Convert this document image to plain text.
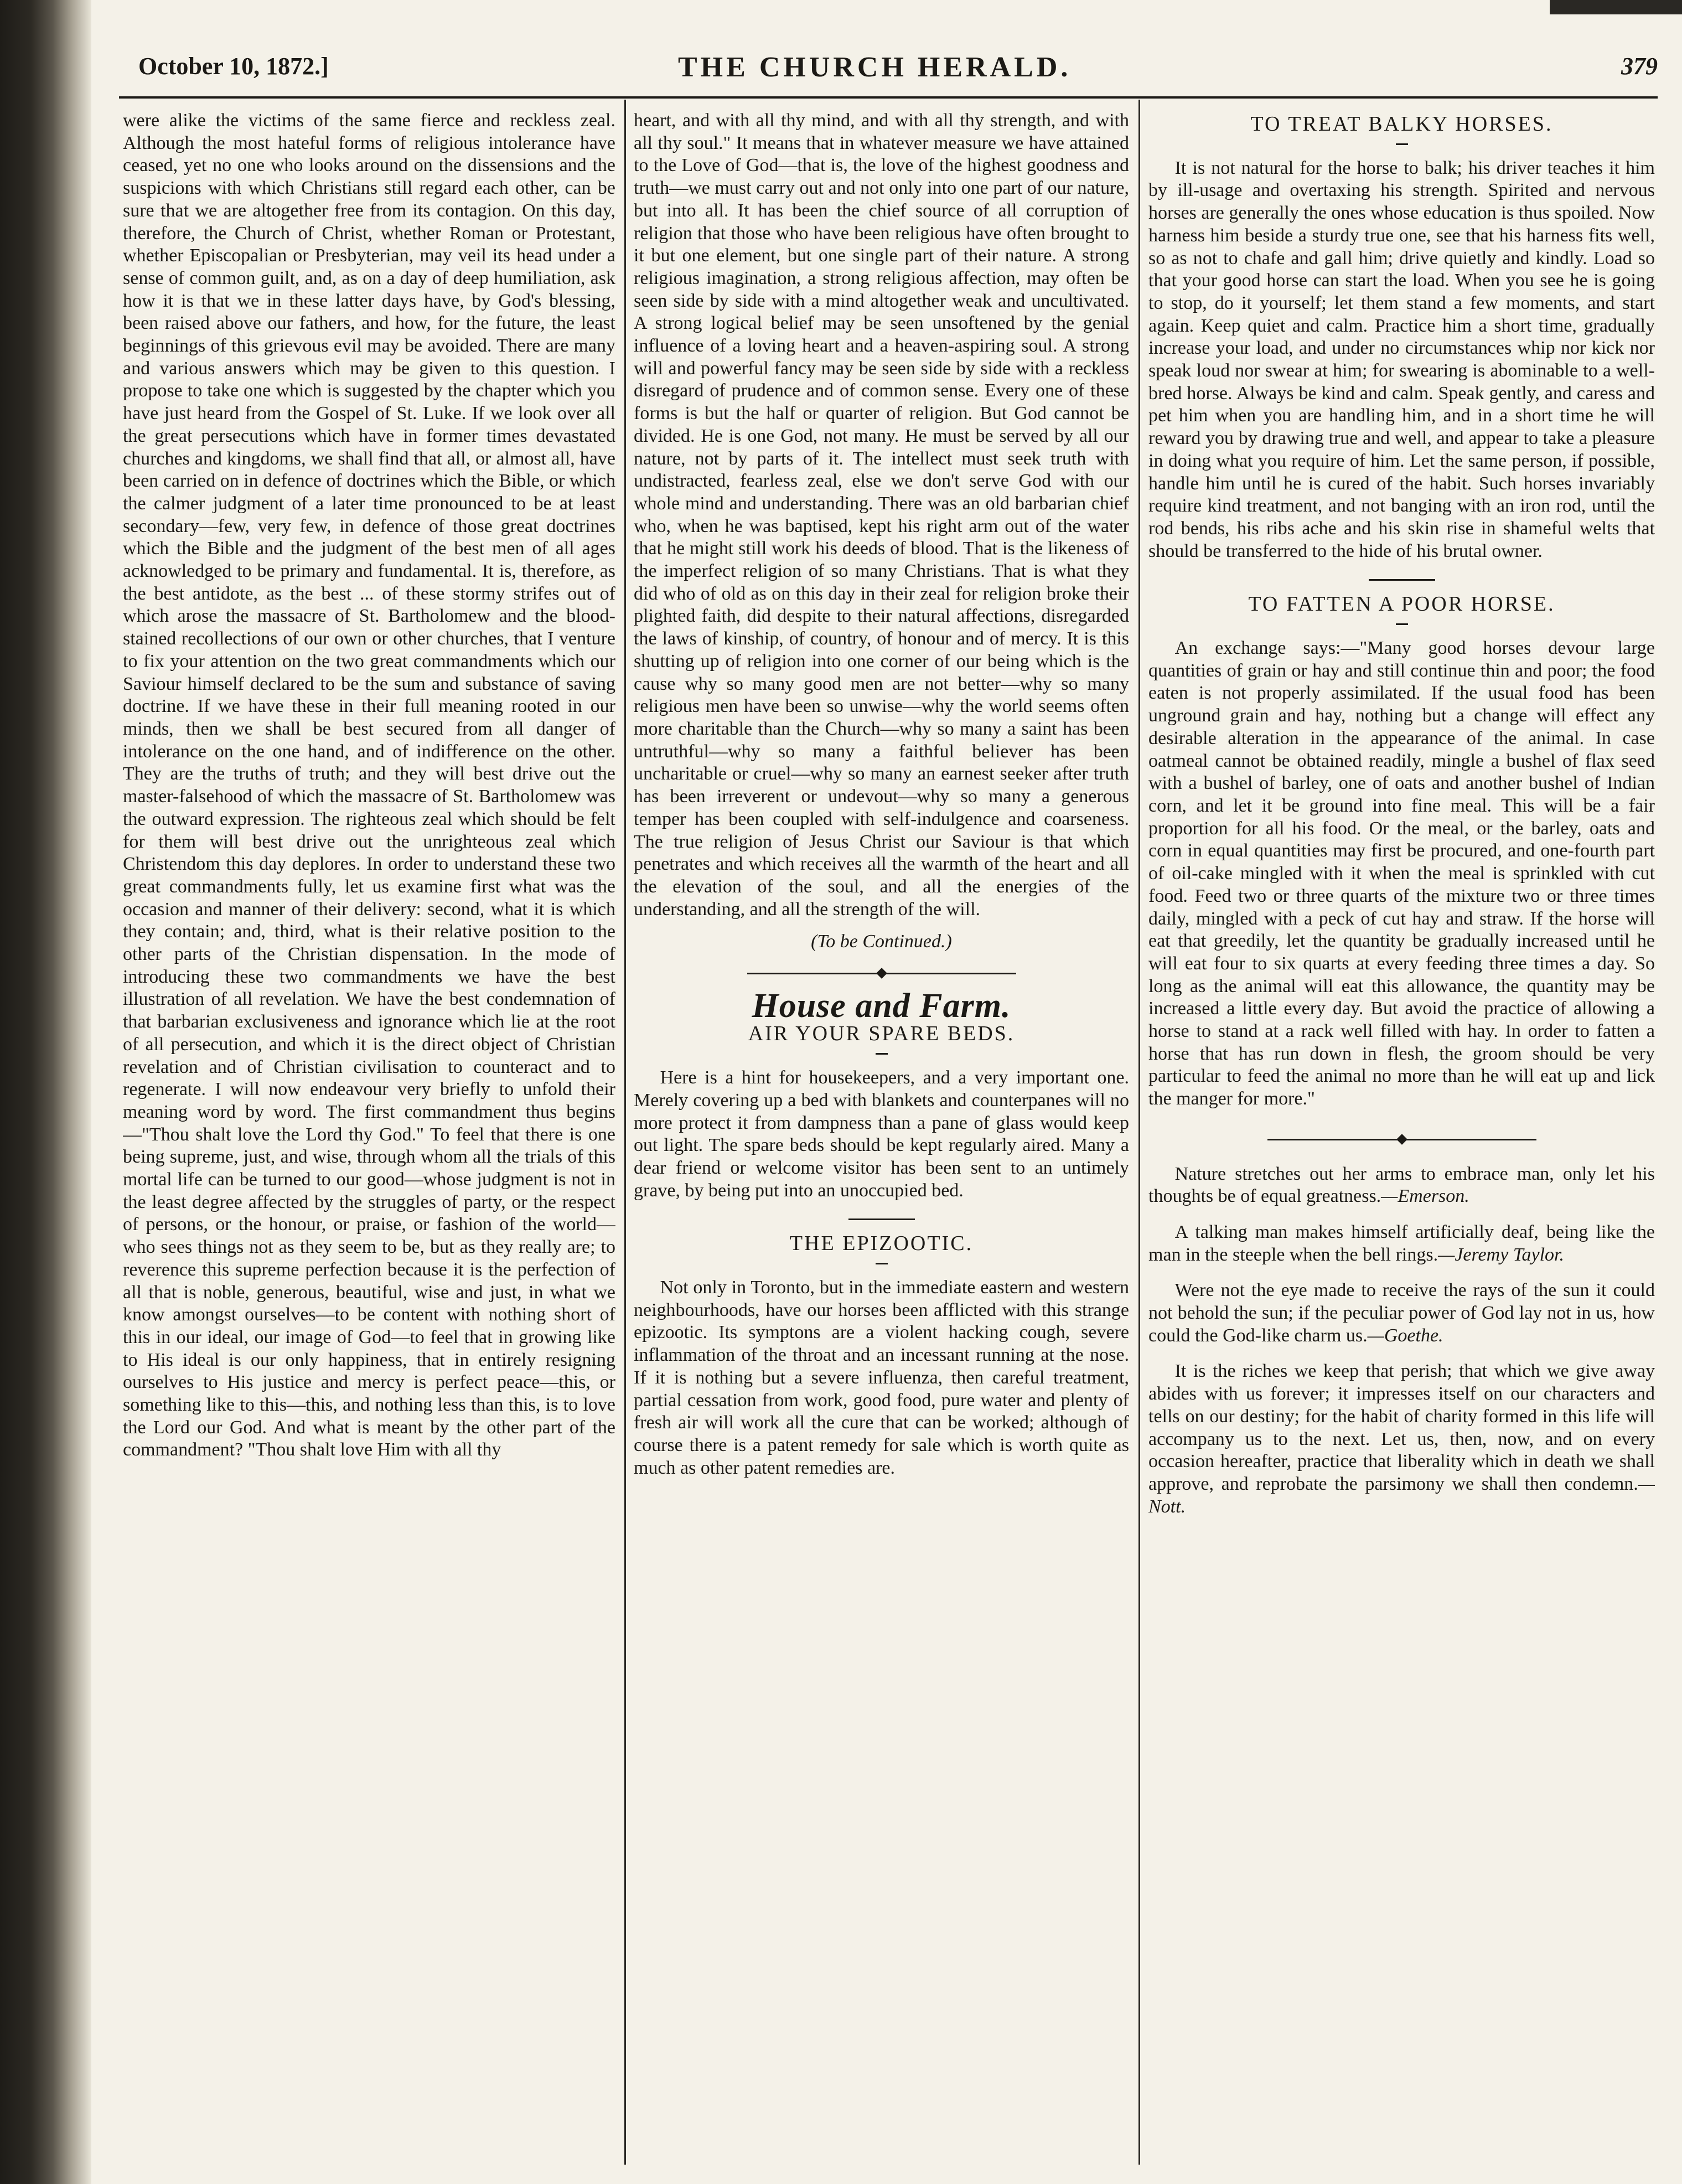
October 10, 1872.]	THE CHURCH HERALD.	379

were alike the victims of the same fierce and reckless zeal. Although the most hateful forms of religious intolerance have ceased, yet no one who looks around on the dissensions and the suspicions with which Christians still regard each other, can be sure that we are altogether free from its contagion. On this day, therefore, the Church of Christ, whether Roman or Protestant, whether Episcopalian or Presbyterian, may veil its head under a sense of common guilt, and, as on a day of deep humiliation, ask how it is that we in these latter days have, by God's blessing, been raised above our fathers, and how, for the future, the least beginnings of this grievous evil may be avoided. There are many and various answers which may be given to this question. I propose to take one which is suggested by the chapter which you have just heard from the Gospel of St. Luke. If we look over all the great persecutions which have in former times devastated churches and kingdoms, we shall find that all, or almost all, have been carried on in defence of doctrines which the Bible, or which the calmer judgment of a later time pronounced to be at least secondary—few, very few, in defence of those great doctrines which the Bible and the judgment of the best men of all ages acknowledged to be primary and fundamental. It is, therefore, as the best antidote, as the best ... of these stormy strifes out of which arose the massacre of St. Bartholomew and the blood-stained recollections of our own or other churches, that I venture to fix your attention on the two great commandments which our Saviour himself declared to be the sum and substance of saving doctrine. If we have these in their full meaning rooted in our minds, then we shall be best secured from all danger of intolerance on the one hand, and of indifference on the other. They are the truths of truth; and they will best drive out the master-falsehood of which the massacre of St. Bartholomew was the outward expression. The righteous zeal which should be felt for them will best drive out the unrighteous zeal which Christendom this day deplores. In order to understand these two great commandments fully, let us examine first what was the occasion and manner of their delivery: second, what it is which they contain; and, third, what is their relative position to the other parts of the Christian dispensation. In the mode of introducing these two commandments we have the best illustration of all revelation. We have the best condemnation of that barbarian exclusiveness and ignorance which lie at the root of all persecution, and which it is the direct object of Christian revelation and of Christian civilisation to counteract and to regenerate. I will now endeavour very briefly to unfold their meaning word by word. The first commandment thus begins—"Thou shalt love the Lord thy God." To feel that there is one being supreme, just, and wise, through whom all the trials of this mortal life can be turned to our good—whose judgment is not in the least degree affected by the struggles of party, or the respect of persons, or the honour, or praise, or fashion of the world—who sees things not as they seem to be, but as they really are; to reverence this supreme perfection because it is the perfection of all that is noble, generous, beautiful, wise and just, in what we know amongst ourselves—to be content with nothing short of this in our ideal, our image of God—to feel that in growing like to His ideal is our only happiness, that in entirely resigning ourselves to His justice and mercy is perfect peace—this, or something like to this—this, and nothing less than this, is to love the Lord our God. And what is meant by the other part of the commandment? "Thou shalt love Him with all thy

heart, and with all thy mind, and with all thy strength, and with all thy soul." It means that in whatever measure we have attained to the Love of God—that is, the love of the highest goodness and truth—we must carry out and not only into one part of our nature, but into all. It has been the chief source of all corruption of religion that those who have been religious have often brought to it but one element, but one single part of their nature. A strong religious imagination, a strong religious affection, may often be seen side by side with a mind altogether weak and uncultivated. A strong logical belief may be seen unsoftened by the genial influence of a loving heart and a heaven-aspiring soul. A strong will and powerful fancy may be seen side by side with a reckless disregard of prudence and of common sense. Every one of these forms is but the half or quarter of religion. But God cannot be divided. He is one God, not many. He must be served by all our nature, not by parts of it. The intellect must seek truth with undistracted, fearless zeal, else we don't serve God with our whole mind and understanding. There was an old barbarian chief who, when he was baptised, kept his right arm out of the water that he might still work his deeds of blood. That is the likeness of the imperfect religion of so many Christians. That is what they did who of old as on this day in their zeal for religion broke their plighted faith, did despite to their natural affections, disregarded the laws of kinship, of country, of honour and of mercy. It is this shutting up of religion into one corner of our being which is the cause why so many good men are not better—why so many religious men have been so unwise—why the world seems often more charitable than the Church—why so many a saint has been untruthful—why so many a faithful believer has been uncharitable or cruel—why so many an earnest seeker after truth has been irreverent or undevout—why so many a generous temper has been coupled with self-indulgence and coarseness. The true religion of Jesus Christ our Saviour is that which penetrates and which receives all the warmth of the heart and all the elevation of the soul, and all the energies of the understanding, and all the strength of the will.

(To be Continued.)
House and Farm.
AIR YOUR SPARE BEDS.

Here is a hint for housekeepers, and a very important one. Merely covering up a bed with blankets and counterpanes will no more protect it from dampness than a pane of glass would keep out light. The spare beds should be kept regularly aired. Many a dear friend or welcome visitor has been sent to an untimely grave, by being put into an unoccupied bed.

THE EPIZOOTIC.

Not only in Toronto, but in the immediate eastern and western neighbourhoods, have our horses been afflicted with this strange epizootic. Its symptons are a violent hacking cough, severe inflammation of the throat and an incessant running at the nose. If it is nothing but a severe influenza, then careful treatment, partial cessation from work, good food, pure water and plenty of fresh air will work all the cure that can be worked; although of course there is a patent remedy for sale which is worth quite as much as other patent remedies are.

TO TREAT BALKY HORSES.

It is not natural for the horse to balk; his driver teaches it him by ill-usage and overtaxing his strength. Spirited and nervous horses are generally the ones whose education is thus spoiled. Now harness him beside a sturdy true one, see that his harness fits well, so as not to chafe and gall him; drive quietly and kindly. Load so that your good horse can start the load. When you see he is going to stop, do it yourself; let them stand a few moments, and start again. Keep quiet and calm. Practice him a short time, gradually increase your load, and under no circumstances whip nor kick nor speak loud nor swear at him; for swearing is abominable to a well-bred horse. Always be kind and calm. Speak gently, and caress and pet him when you are handling him, and in a short time he will reward you by drawing true and well, and appear to take a pleasure in doing what you require of him. Let the same person, if possible, handle him until he is cured of the habit. Such horses invariably require kind treatment, and not banging with an iron rod, until the rod bends, his ribs ache and his skin rise in shameful welts that should be transferred to the hide of his brutal owner.

TO FATTEN A POOR HORSE.

An exchange says:—"Many good horses devour large quantities of grain or hay and still continue thin and poor; the food eaten is not properly assimilated. If the usual food has been unground grain and hay, nothing but a change will effect any desirable alteration in the appearance of the animal. In case oatmeal cannot be obtained readily, mingle a bushel of flax seed with a bushel of barley, one of oats and another bushel of Indian corn, and let it be ground into fine meal. This will be a fair proportion for all his food. Or the meal, or the barley, oats and corn in equal quantities may first be procured, and one-fourth part of oil-cake mingled with it when the meal is sprinkled with cut food. Feed two or three quarts of the mixture two or three times daily, mingled with a peck of cut hay and straw. If the horse will eat that greedily, let the quantity be gradually increased until he will eat four to six quarts at every feeding three times a day. So long as the animal will eat this allowance, the quantity may be increased a little every day. But avoid the practice of allowing a horse to stand at a rack well filled with hay. In order to fatten a horse that has run down in flesh, the groom should be very particular to feed the animal no more than he will eat up and lick the manger for more."

Nature stretches out her arms to embrace man, only let his thoughts be of equal greatness.—Emerson.

A talking man makes himself artificially deaf, being like the man in the steeple when the bell rings.—Jeremy Taylor.

Were not the eye made to receive the rays of the sun it could not behold the sun; if the peculiar power of God lay not in us, how could the God-like charm us.—Goethe.

It is the riches we keep that perish; that which we give away abides with us forever; it impresses itself on our characters and tells on our destiny; for the habit of charity formed in this life will accompany us to the next. Let us, then, now, and on every occasion hereafter, practice that liberality which in death we shall approve, and reprobate the parsimony we shall then condemn.—Nott.
